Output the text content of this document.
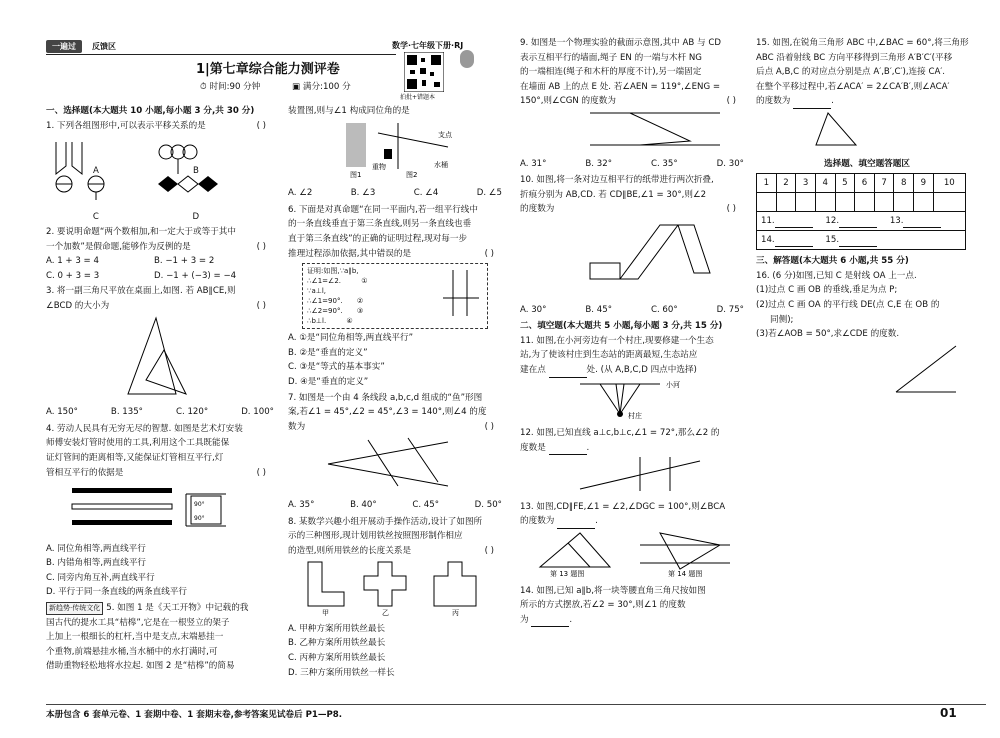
一遍过	反馈区
1|第七章综合能力测评卷
数学·七年级下册·RJ
拍批+错题本
⏱ 时间:90 分钟	▣ 满分:100 分
一、选择题(本大题共 10 小题,每小题 3 分,共 30 分)
1. 下列各组图形中,可以表示平移关系的是	( )
A	B
C	D
2. 要说明命题“两个数相加,和一定大于或等于其中
一个加数”是假命题,能够作为反例的是	( )
A. 1 + 3 = 4	B. −1 + 3 = 2
C. 0 + 3 = 3	D. −1 + (−3) = −4
3. 将一副三角尺平放在桌面上,如图. 若 AB∥CE,则
∠BCD 的大小为	( )
A. 150°	B. 135°	C. 120°	D. 100°
4. 劳动人民具有无穷无尽的智慧. 如图是艺术灯安装
师傅安装灯管时使用的工具,利用这个工具既能保
证灯管间的距离相等,又能保证灯管相互平行,灯
管相互平行的依据是	( )
90°
90°
A. 同位角相等,两直线平行
B. 内错角相等,两直线平行
C. 同旁内角互补,两直线平行
D. 平行于同一条直线的两条直线平行
新趋势·传统文化 5. 如图 1 是《天工开物》中记载的我
国古代的提水工具“桔槔”,它是在一根竖立的架子
上加上一根细长的杠杆,当中是支点,末端悬挂一
个重物,前端悬挂水桶,当水桶中的水打满时,可
借助重物轻松地将水拉起. 如图 2 是“桔槔”的简易
装置图,则与∠1 构成同位角的是
图1	图2
支点
重物	水桶
A. ∠2	B. ∠3	C. ∠4	D. ∠5
6. 下面是对真命题“在同一平面内,若一组平行线中
的一条直线垂直于第三条直线,则另一条直线也垂
直于第三条直线”的正确的证明过程,现对每一步
推理过程添加依据,其中错误的是	( )
证明:如图,∵a∥b,
∴∠1=∠2.	①
∵a⊥l,
∴∠1=90°. ②
∴∠2=90°. ③
∴b⊥l.	④
A. ①是“同位角相等,两直线平行”
B. ②是“垂直的定义”
C. ③是“等式的基本事实”
D. ④是“垂直的定义”
7. 如图是一个由 4 条线段 a,b,c,d 组成的“鱼”形图
案,若∠1 = 45°,∠2 = 45°,∠3 = 140°,则∠4 的度
数为	( )
A. 35°	B. 40°	C. 45°	D. 50°
8. 某数学兴趣小组开展动手操作活动,设计了如图所
示的三种图形,现计划用铁丝按照图形制作相应
的造型,则所用铁丝的长度关系是	( )
甲	乙	丙
A. 甲种方案所用铁丝最长
B. 乙种方案所用铁丝最长
C. 丙种方案所用铁丝最长
D. 三种方案所用铁丝一样长
9. 如图是一个物理实验的截面示意图,其中 AB 与 CD
表示互相平行的墙面,绳子 EN 的一端与木杆 NG
的一端相连(绳子和木杆的厚度不计),另一端固定
在墙面 AB 上的点 E 处. 若∠AEN = 119°,∠ENG =
150°,则∠CGN 的度数为	( )
A. 31°	B. 32°	C. 35°	D. 30°
10. 如图,将一条对边互相平行的纸带进行两次折叠,
折痕分别为 AB,CD. 若 CD∥BE,∠1 = 30°,则∠2
的度数为	( )
A. 30°	B. 45°	C. 60°	D. 75°
二、填空题(本大题共 5 小题,每小题 3 分,共 15 分)
11. 如图,在小河旁边有一个村庄,现要修建一个生态
站,为了使该村庄到生态站的距离最短,生态站应
建在点	处. (从 A,B,C,D 四点中选择)
小河
村庄
12. 如图,已知直线 a⊥c,b⊥c,∠1 = 72°,那么∠2 的
度数是	.
13. 如图,CD∥FE,∠1 = ∠2,∠DGC = 100°,则∠BCA
的度数为	.
第 13 题图	第 14 题图
14. 如图,已知 a∥b,将一块等腰直角三角尺按如图
所示的方式摆放,若∠2 = 30°,则∠1 的度数
为	.
15. 如图,在锐角三角形 ABC 中,∠BAC = 60°,将三角形
ABC 沿着射线 BC 方向平移得到三角形 A′B′C′(平移
后点 A,B,C 的对应点分别是点 A′,B′,C′),连接 CA′.
在整个平移过程中,若∠ACA′ = 2∠CA′B′,则∠ACA′
的度数为	.
选择题、填空题答题区
1	2	3	4	5	6	7	8	9	10

11. 12. 13.									
14. 15.									
三、解答题(本大题共 6 小题,共 55 分)
16. (6 分)如图,已知 C 是射线 OA 上一点.
(1)过点 C 画 OB 的垂线,垂足为点 P;
(2)过点 C 画 OA 的平行线 DE(点 C,E 在 OB 的
同侧);
(3)若∠AOB = 50°,求∠CDE 的度数.
本册包含 6 套单元卷、1 套期中卷、1 套期末卷,参考答案见试卷后 P1—P8.	01
